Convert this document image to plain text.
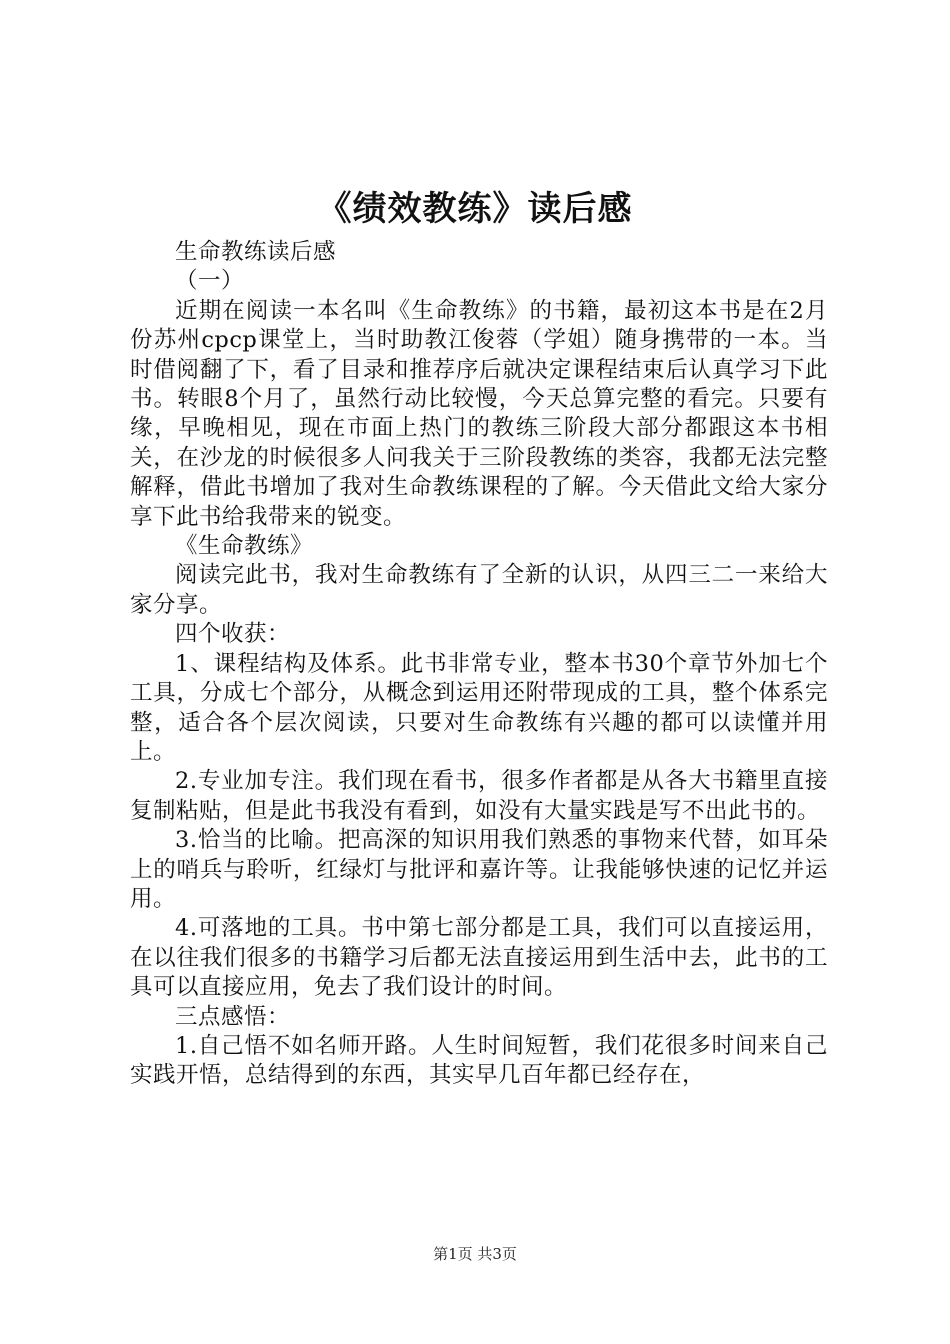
《绩效教练》读后感

生命教练读后感

（一）

近期在阅读一本名叫《生命教练》的书籍，最初这本书是在2月份苏州cpcp课堂上，当时助教江俊蓉（学姐）随身携带的一本。当时借阅翻了下，看了目录和推荐序后就决定课程结束后认真学习下此书。转眼8个月了，虽然行动比较慢，今天总算完整的看完。只要有缘，早晚相见，现在市面上热门的教练三阶段大部分都跟这本书相关，在沙龙的时候很多人问我关于三阶段教练的类容，我都无法完整解释，借此书增加了我对生命教练课程的了解。今天借此文给大家分享下此书给我带来的锐变。

《生命教练》

阅读完此书，我对生命教练有了全新的认识，从四三二一来给大家分享。

四个收获：

1、课程结构及体系。此书非常专业，整本书30个章节外加七个工具，分成七个部分，从概念到运用还附带现成的工具，整个体系完整，适合各个层次阅读，只要对生命教练有兴趣的都可以读懂并用上。

2.专业加专注。我们现在看书，很多作者都是从各大书籍里直接复制粘贴，但是此书我没有看到，如没有大量实践是写不出此书的。

3.恰当的比喻。把高深的知识用我们熟悉的事物来代替，如耳朵上的哨兵与聆听，红绿灯与批评和嘉许等。让我能够快速的记忆并运用。

4.可落地的工具。书中第七部分都是工具，我们可以直接运用，在以往我们很多的书籍学习后都无法直接运用到生活中去，此书的工具可以直接应用，免去了我们设计的时间。

三点感悟：

1.自己悟不如名师开路。人生时间短暂，我们花很多时间来自己实践开悟，总结得到的东西，其实早几百年都已经存在，

第1页 共3页
